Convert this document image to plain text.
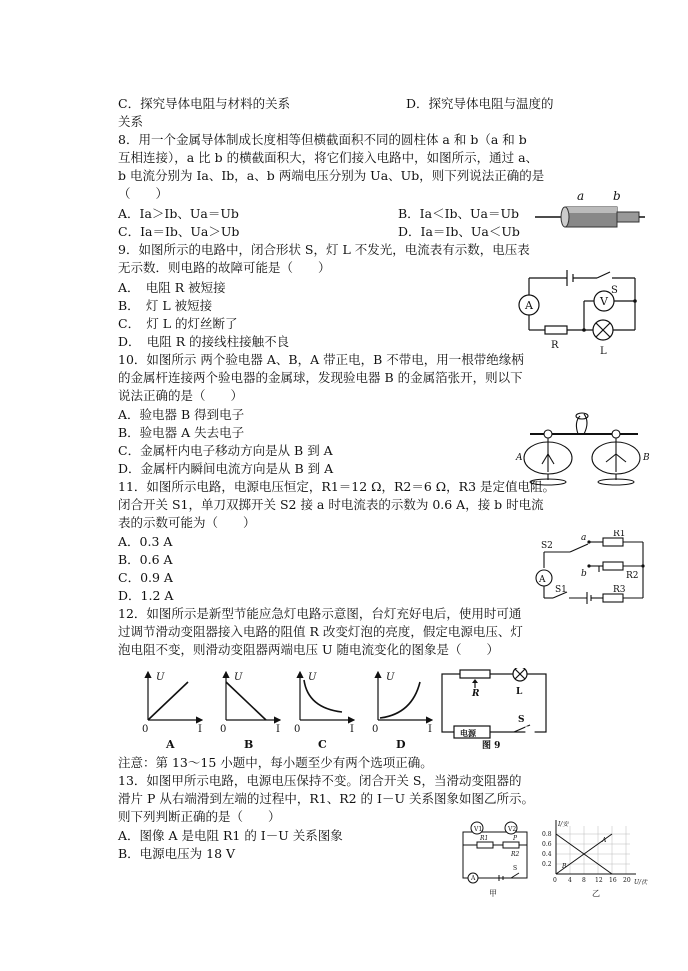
C．探究导体电阻与材料的关系	D．探究导体电阻与温度的
关系
8．用一个金属导体制成长度相等但横截面积不同的圆柱体 a 和 b（a 和 b
互相连接），a 比 b 的横截面积大，将它们接入电路中，如图所示，通过 a、
b 电流分别为 Ia、Ib，a、b 两端电压分别为 Ua、Ub，则下列说法正确的是
（　　）
A．Ia＞Ib、Ua＝Ub	B．Ia＜Ib、Ua＝Ub
C．Ia＝Ib、Ua＞Ub	D．Ia＝Ib、Ua＜Ub
a b
9．如图所示的电路中，闭合形状 S，灯 L 不发光，电流表有示数，电压表
无示数．则电路的故障可能是（　　）
A．　电阻 R 被短接
B．　灯 L 被短接
C．　灯 L 的灯丝断了
D．　电阻 R 的接线柱接触不良
A	V
S
R
L
10．如图所示 两个验电器 A、B，A 带正电，B 不带电，用一根带绝缘柄
的金属杆连接两个验电器的金属球，发现验电器 B 的金属箔张开，则以下
说法正确的是（　　）
A．验电器 B 得到电子
B．验电器 A 失去电子
C．金属杆内电子移动方向是从 B 到 A
D．金属杆内瞬间电流方向是从 B 到 A
A	B
11．如图所示电路，电源电压恒定，R1＝12 Ω，R2＝6 Ω，R3 是定值电阻。
闭合开关 S1，单刀双掷开关 S2 接 a 时电流表的示数为 0.6 A，接 b 时电流
表的示数可能为（　　）
A．0.3 A
B．0.6 A
C．0.9 A
D．1.2 A
A
S2
S1
a
b
R1
R2
R3
12．如图所示是新型节能应急灯电路示意图，台灯充好电后，使用时可通
过调节滑动变阻器接入电路的阻值 R 改变灯泡的亮度，假定电源电压、灯
泡电阻不变，则滑动变阻器两端电压 U 随电流变化的图象是（　　）
U
I
0
A
U
I
0
B
U
I
0
C
U
I
0
D
R	L
电源
S
图 9
注意：第 13～15 小题中，每小题至少有两个选项正确。
13．如图甲所示电路，电源电压保持不变。闭合开关 S，当滑动变阻器的
滑片 P 从右端滑到左端的过程中，R1、R2 的 I－U 关系图象如图乙所示。
则下列判断正确的是（　　）
A．图像 A 是电阻 R1 的 I－U 关系图象
B．电源电压为 18 V
V1	V2
R1
R2
P
A
S
甲
I/安
U/伏
0.8
0.6
0.4
0.2
0 4 8 12 16 20
A
B
乙
